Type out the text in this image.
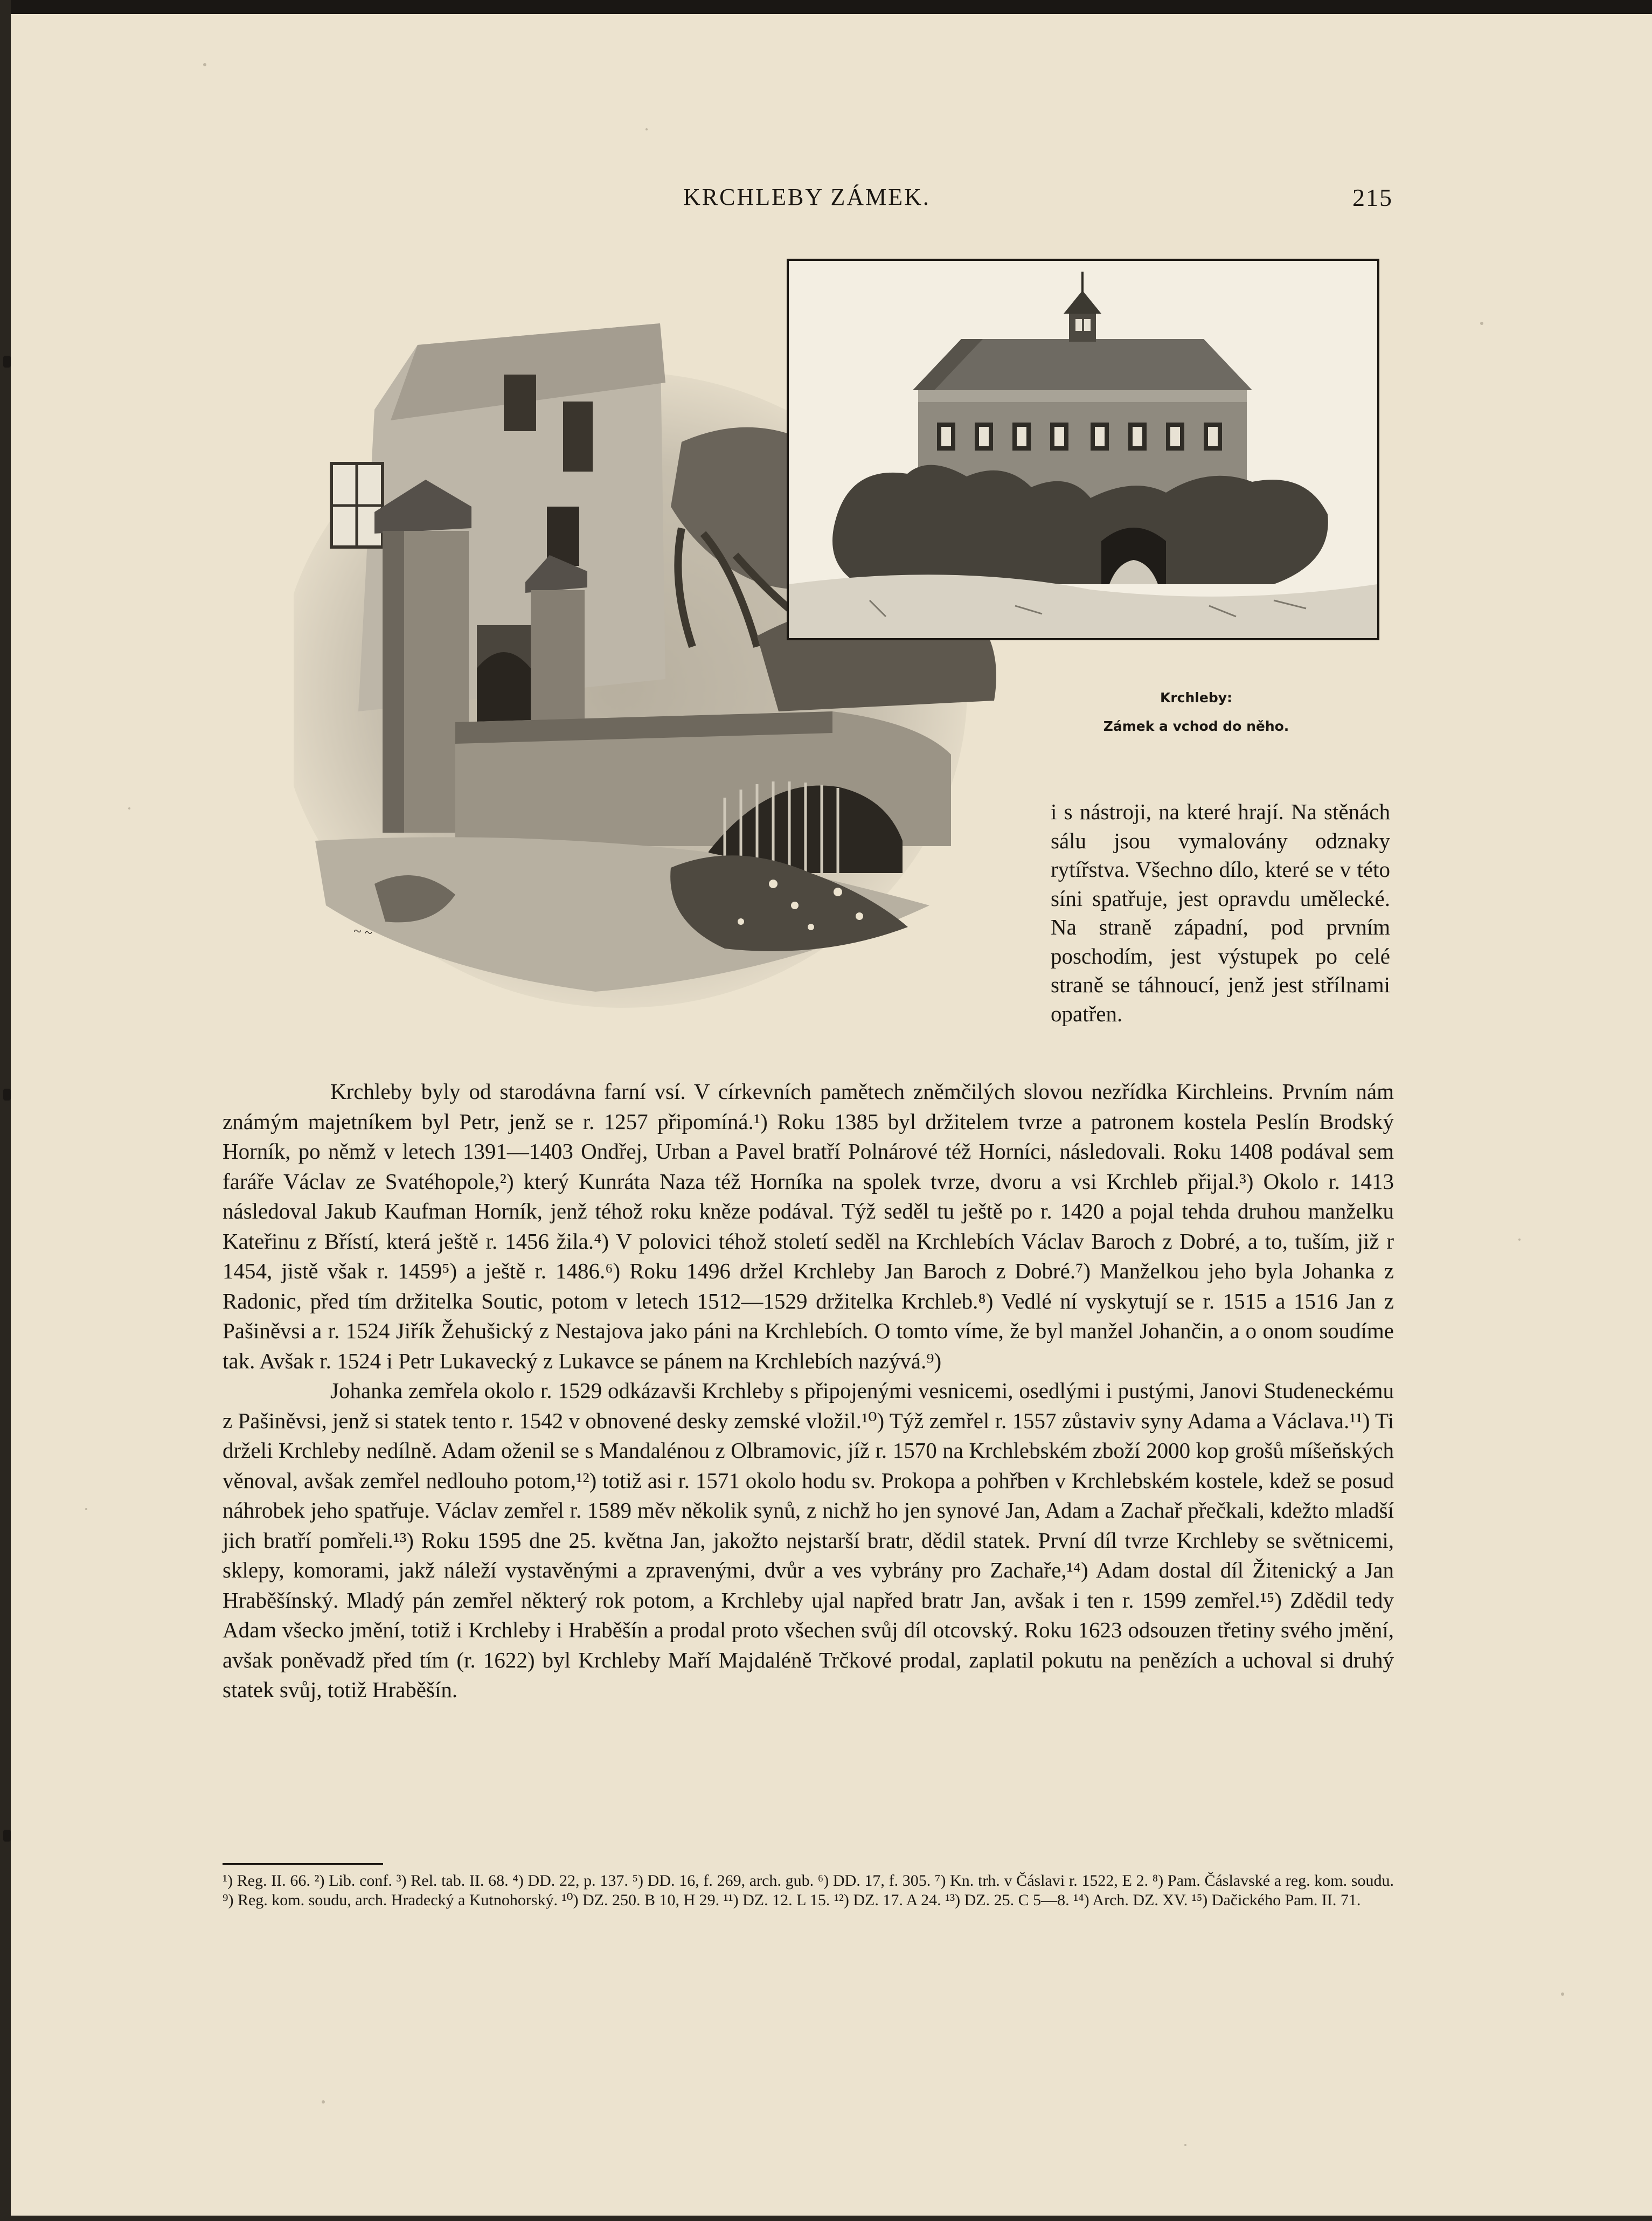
KRCHLEBY ZÁMEK.	215
~ ~
Krchleby:
Zámek a vchod do něho.

i s nástroji, na které hrají. Na stěnách sálu jsou vymalovány odznaky rytířstva. Všechno dílo, které se v této síni spatřuje, jest opravdu umělecké. Na straně západní, pod prvním poschodím, jest výstupek po celé straně se táhnoucí, jenž jest střílnami opatřen.

Krchleby byly od starodávna farní vsí. V církevních pamětech zněmčilých slovou nezřídka Kirchleins. Prvním nám známým majetníkem byl Petr, jenž se r. 1257 připomíná.¹) Roku 1385 byl držitelem tvrze a patronem kostela Peslín Brodský Horník, po němž v letech 1391—1403 Ondřej, Urban a Pavel bratří Polnárové též Horníci, následovali. Roku 1408 podával sem faráře Václav ze Svatéhopole,²) který Kunráta Naza též Horníka na spolek tvrze, dvoru a vsi Krchleb přijal.³) Okolo r. 1413 následoval Jakub Kaufman Horník, jenž téhož roku kněze podával. Týž seděl tu ještě po r. 1420 a pojal tehda druhou manželku Kateřinu z Břístí, která ještě r. 1456 žila.⁴) V polovici téhož století seděl na Krchlebích Václav Baroch z Dobré, a to, tuším, již r 1454, jistě však r. 1459⁵) a ještě r. 1486.⁶) Roku 1496 držel Krchleby Jan Baroch z Dobré.⁷) Manželkou jeho byla Johanka z Radonic, před tím držitelka Soutic, potom v letech 1512—1529 držitelka Krchleb.⁸) Vedlé ní vyskytují se r. 1515 a 1516 Jan z Pašiněvsi a r. 1524 Jiřík Žehušický z Nestajova jako páni na Krchlebích. O tomto víme, že byl manžel Johančin, a o onom soudíme tak. Avšak r. 1524 i Petr Lukavecký z Lukavce se pánem na Krchlebích nazývá.⁹)

Johanka zemřela okolo r. 1529 odkázavši Krchleby s připojenými vesnicemi, osedlými i pustými, Janovi Studeneckému z Pašiněvsi, jenž si statek tento r. 1542 v obnovené desky zemské vložil.¹⁰) Týž zemřel r. 1557 zůstaviv syny Adama a Václava.¹¹) Ti drželi Krchleby nedílně. Adam oženil se s Mandalénou z Olbramovic, jíž r. 1570 na Krchlebském zboží 2000 kop grošů míšeňských věnoval, avšak zemřel nedlouho potom,¹²) totiž asi r. 1571 okolo hodu sv. Prokopa a pohřben v Krchlebském kostele, kdež se posud náhrobek jeho spatřuje. Václav zemřel r. 1589 měv několik synů, z nichž ho jen synové Jan, Adam a Zachař přečkali, kdežto mladší jich bratří pomřeli.¹³) Roku 1595 dne 25. května Jan, jakožto nejstarší bratr, dědil statek. První díl tvrze Krchleby se světnicemi, sklepy, komorami, jakž náleží vystavěnými a zpravenými, dvůr a ves vybrány pro Zachaře,¹⁴) Adam dostal díl Žitenický a Jan Hraběšínský. Mladý pán zemřel některý rok potom, a Krchleby ujal napřed bratr Jan, avšak i ten r. 1599 zemřel.¹⁵) Zdědil tedy Adam všecko jmění, totiž i Krchleby i Hraběšín a prodal proto všechen svůj díl otcovský. Roku 1623 odsouzen třetiny svého jmění, avšak poněvadž před tím (r. 1622) byl Krchleby Maří Majdaléně Trčkové prodal, zaplatil pokutu na penězích a uchoval si druhý statek svůj, totiž Hraběšín.

¹) Reg. II. 66. ²) Lib. conf. ³) Rel. tab. II. 68. ⁴) DD. 22, p. 137. ⁵) DD. 16, f. 269, arch. gub. ⁶) DD. 17, f. 305. ⁷) Kn. trh. v Čáslavi r. 1522, E 2. ⁸) Pam. Čáslavské a reg. kom. soudu. ⁹) Reg. kom. soudu, arch. Hradecký a Kutnohorský. ¹⁰) DZ. 250. B 10, H 29. ¹¹) DZ. 12. L 15. ¹²) DZ. 17. A 24. ¹³) DZ. 25. C 5—8. ¹⁴) Arch. DZ. XV. ¹⁵) Dačického Pam. II. 71.
